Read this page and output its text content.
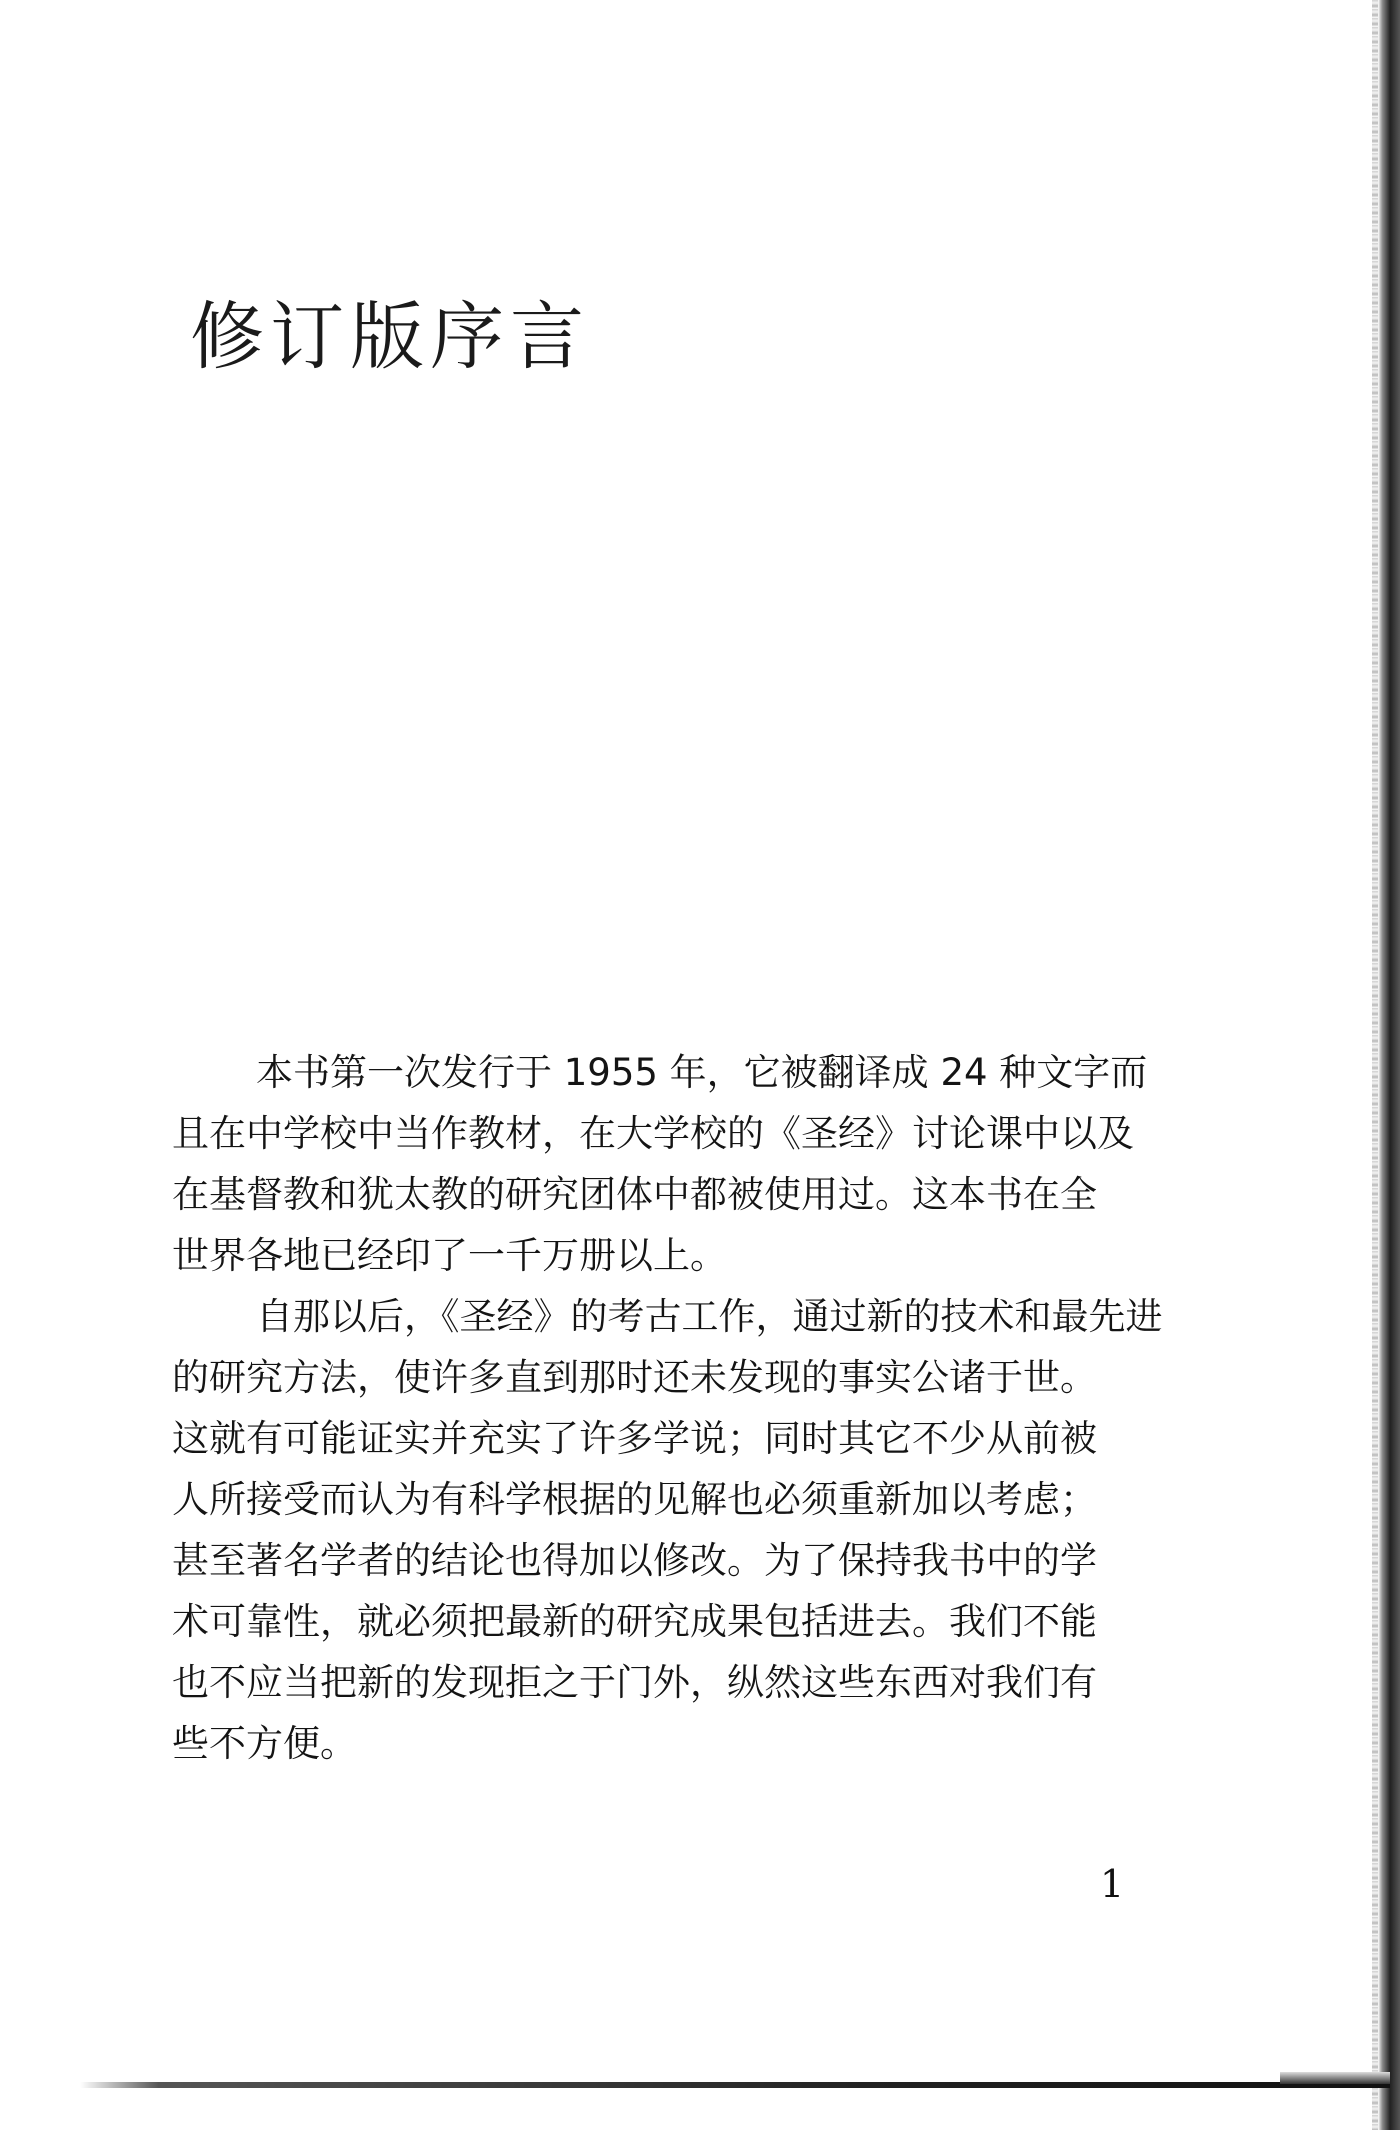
修订版序言

本书第一次发行于 1955 年，它被翻译成 24 种文字而
且在中学校中当作教材，在大学校的《圣经》讨论课中以及
在基督教和犹太教的研究团体中都被使用过。这本书在全
世界各地已经印了一千万册以上。

自那以后，《圣经》的考古工作，通过新的技术和最先进
的研究方法，使许多直到那时还未发现的事实公诸于世。
这就有可能证实并充实了许多学说；同时其它不少从前被
人所接受而认为有科学根据的见解也必须重新加以考虑；
甚至著名学者的结论也得加以修改。为了保持我书中的学
术可靠性，就必须把最新的研究成果包括进去。我们不能
也不应当把新的发现拒之于门外，纵然这些东西对我们有
些不方便。

1
